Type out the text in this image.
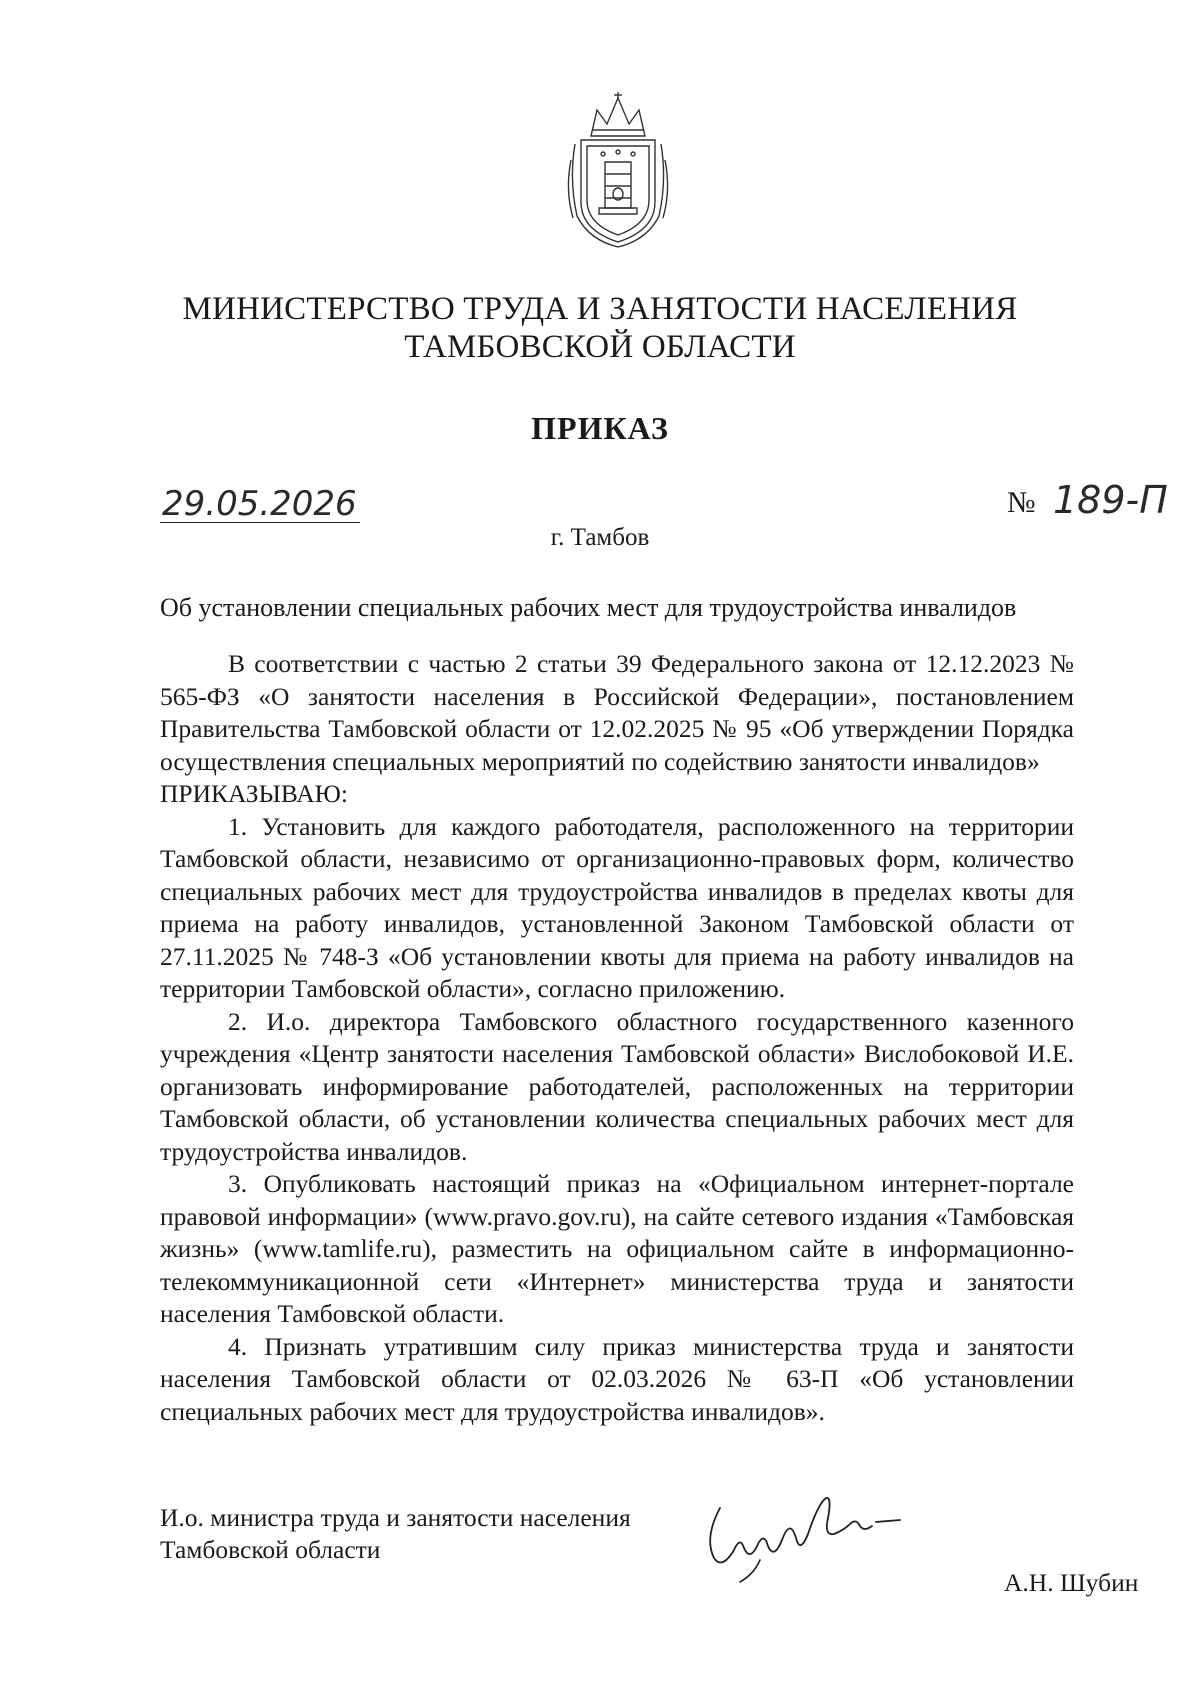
МИНИСТЕРСТВО ТРУДА И ЗАНЯТОСТИ НАСЕЛЕНИЯ
ТАМБОВСКОЙ ОБЛАСТИ
ПРИКАЗ
29.05.2026	№ 189-П
г. Тамбов
Об установлении специальных рабочих мест для трудоустройства инвалидов

В соответствии с частью 2 статьи 39 Федерального закона от 12.12.2023 № 565-ФЗ «О занятости населения в Российской Федерации», постановлением Правительства Тамбовской области от 12.02.2025 № 95 «Об утверждении Порядка осуществления специальных мероприятий по содействию занятости инвалидов»

ПРИКАЗЫВАЮ:

1. Установить для каждого работодателя, расположенного на территории Тамбовской области, независимо от организационно-правовых форм, количество специальных рабочих мест для трудоустройства инвалидов в пределах квоты для приема на работу инвалидов, установленной Законом Тамбовской области от 27.11.2025 № 748-З «Об установлении квоты для приема на работу инвалидов на территории Тамбовской области», согласно приложению.

2. И.о. директора Тамбовского областного государственного казенного учреждения «Центр занятости населения Тамбовской области» Вислобоковой И.Е. организовать информирование работодателей, расположенных на территории Тамбовской области, об установлении количества специальных рабочих мест для трудоустройства инвалидов.

3. Опубликовать настоящий приказ на «Официальном интернет-портале правовой информации» (www.pravo.gov.ru), на сайте сетевого издания «Тамбовская жизнь» (www.tamlife.ru), разместить на официальном сайте в информационно-телекоммуникационной сети «Интернет» министерства труда и занятости населения Тамбовской области.

4. Признать утратившим силу приказ министерства труда и занятости населения Тамбовской области от 02.03.2026 № 63-П «Об установлении специальных рабочих мест для трудоустройства инвалидов».

И.о. министра труда и занятости населения
Тамбовской области
А.Н. Шубин
